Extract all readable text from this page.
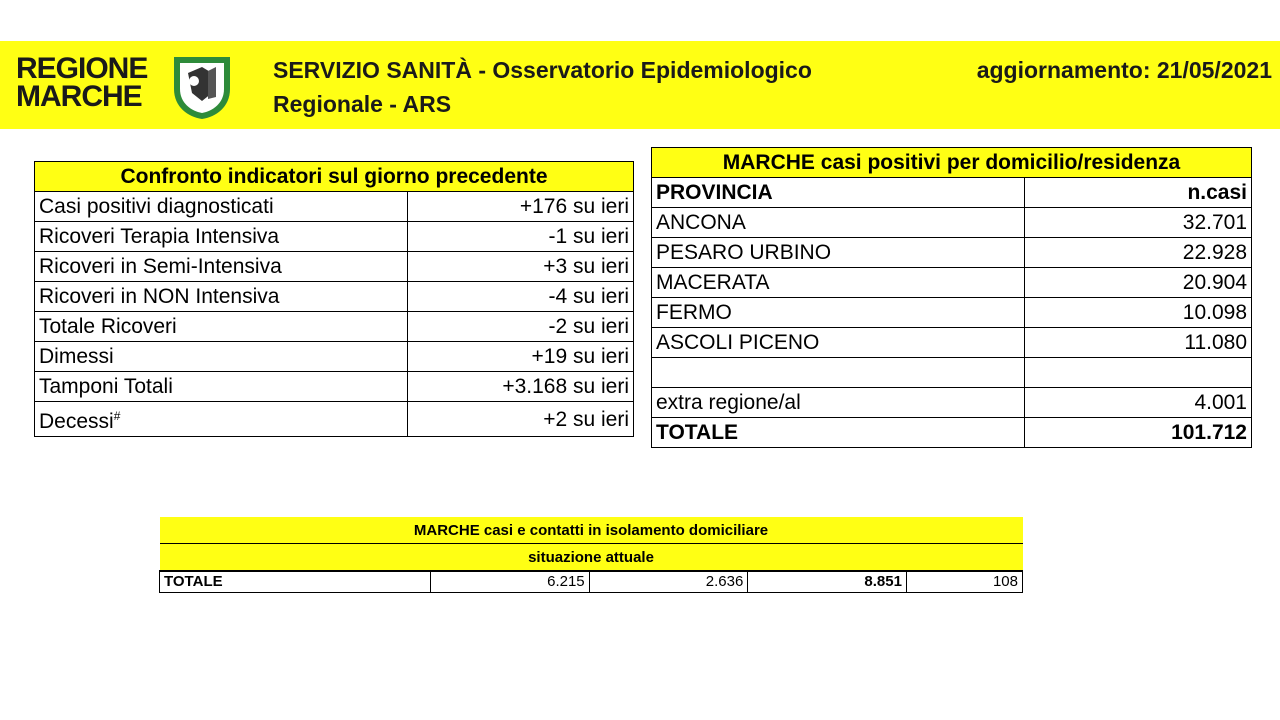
REGIONE
MARCHE
SERVIZIO SANITÀ - Osservatorio Epidemiologico
Regionale - ARS
aggiornamento: 21/05/2021
Confronto indicatori sul giorno precedente	
Casi positivi diagnosticati	+176 su ieri
Ricoveri Terapia Intensiva	-1 su ieri
Ricoveri in Semi-Intensiva	+3 su ieri
Ricoveri in NON Intensiva	-4 su ieri
Totale Ricoveri	-2 su ieri
Dimessi	+19 su ieri
Tamponi Totali	+3.168 su ieri
Decessi#	+2 su ieri
MARCHE casi positivi per domicilio/residenza	
PROVINCIA	n.casi
ANCONA	32.701
PESARO URBINO	22.928
MACERATA	20.904
FERMO	10.098
ASCOLI PICENO	11.080

extra regione/al	4.001
TOTALE	101.712
MARCHE casi e contatti in isolamento domiciliare
situazione attuale
TOTALE	6.215	2.636	8.851	108
